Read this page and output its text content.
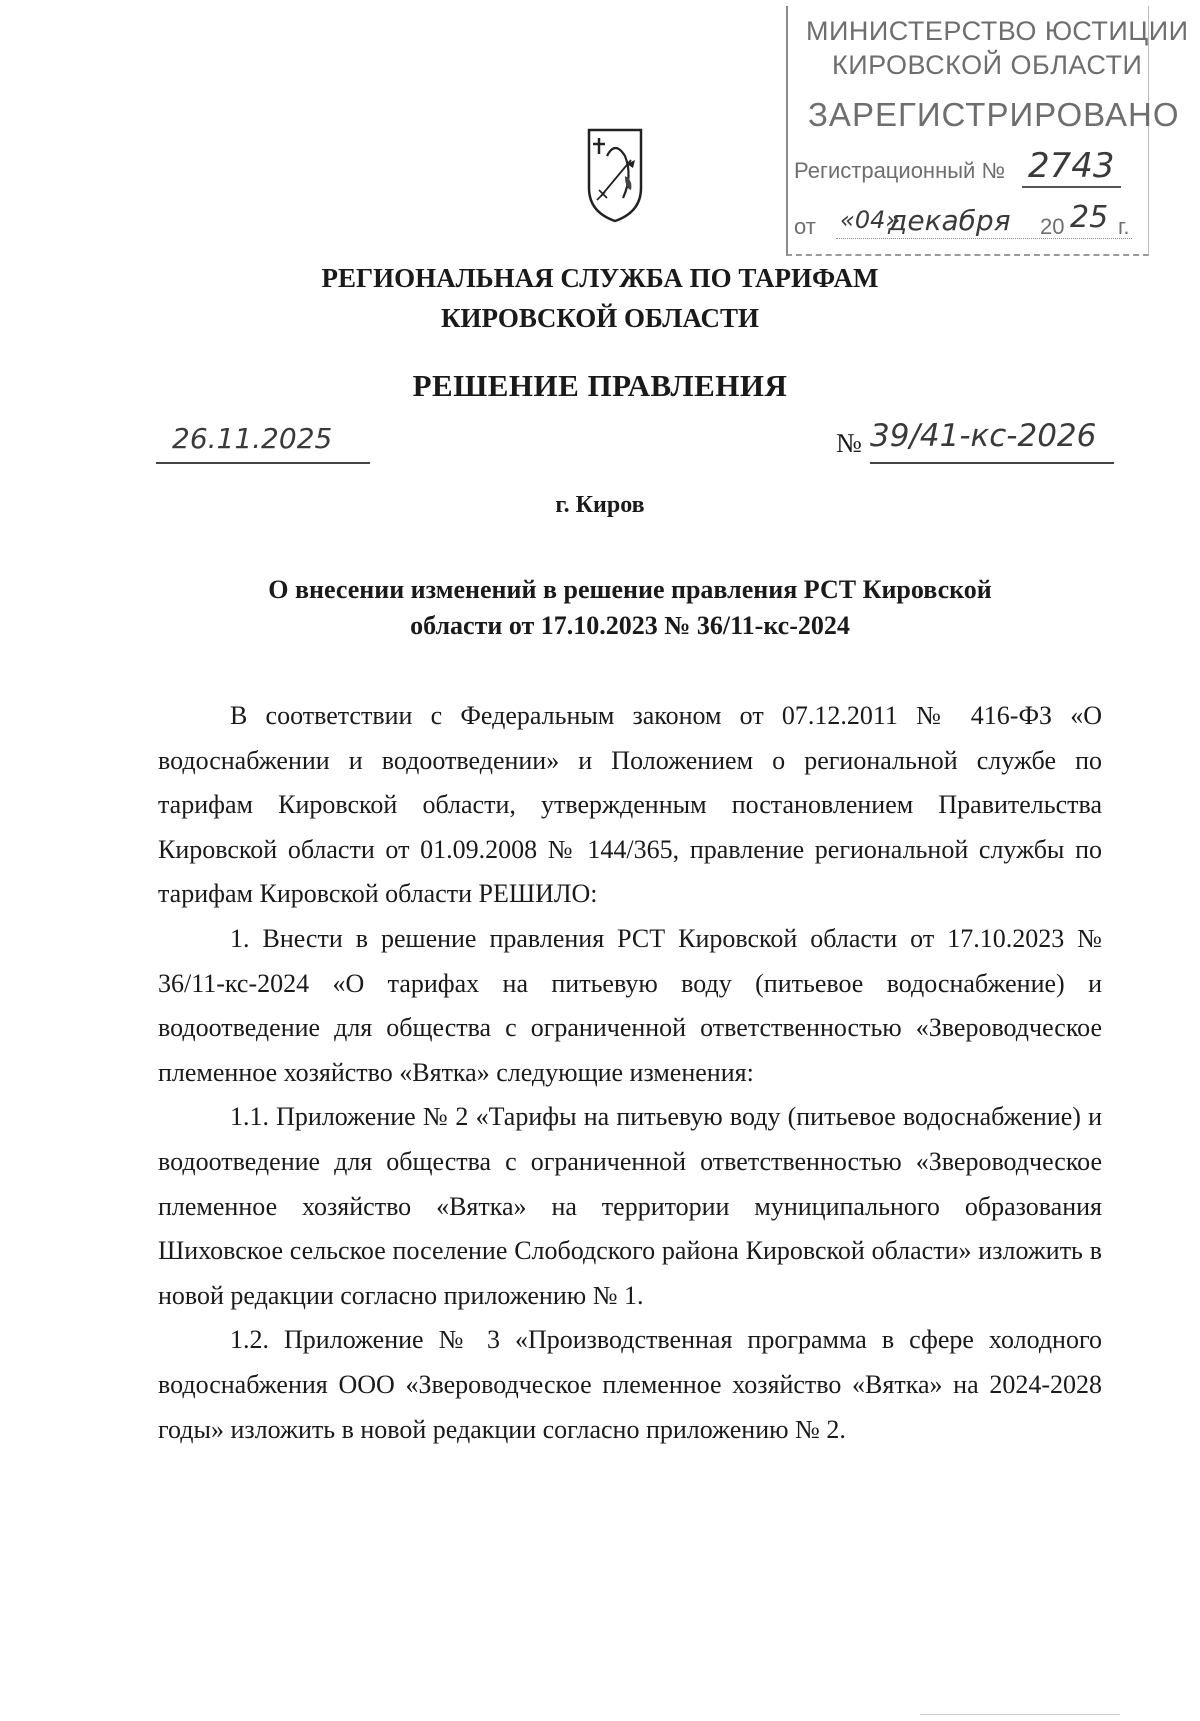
МИНИСТЕРСТВО ЮСТИЦИИ
КИРОВСКОЙ ОБЛАСТИ
ЗАРЕГИСТРИРОВАНО
Регистрационный № 2743
от «04»
декабря 20 25 г.
РЕГИОНАЛЬНАЯ СЛУЖБА ПО ТАРИФАМ
КИРОВСКОЙ ОБЛАСТИ
РЕШЕНИЕ ПРАВЛЕНИЯ
26.11.2025	№ 39/41-кс-2026
г. Киров
О внесении изменений в решение правления РСТ Кировской
области от 17.10.2023 № 36/11-кс-2024

В соответствии с Федеральным законом от 07.12.2011 № 416-ФЗ «О водоснабжении и водоотведении» и Положением о региональной службе по тарифам Кировской области, утвержденным постановлением Правительства Кировской области от 01.09.2008 № 144/365, правление региональной службы по тарифам Кировской области РЕШИЛО:

1. Внести в решение правления РСТ Кировской области от 17.10.2023 № 36/11-кс-2024 «О тарифах на питьевую воду (питьевое водоснабжение) и водоотведение для общества с ограниченной ответственностью «Звероводческое племенное хозяйство «Вятка» следующие изменения:

1.1. Приложение № 2 «Тарифы на питьевую воду (питьевое водоснабжение) и водоотведение для общества с ограниченной ответственностью «Звероводческое племенное хозяйство «Вятка» на территории муниципального образования Шиховское сельское поселение Слободского района Кировской области» изложить в новой редакции согласно приложению № 1.

1.2. Приложение № 3 «Производственная программа в сфере холодного водоснабжения ООО «Звероводческое племенное хозяйство «Вятка» на 2024-2028 годы» изложить в новой редакции согласно приложению № 2.
